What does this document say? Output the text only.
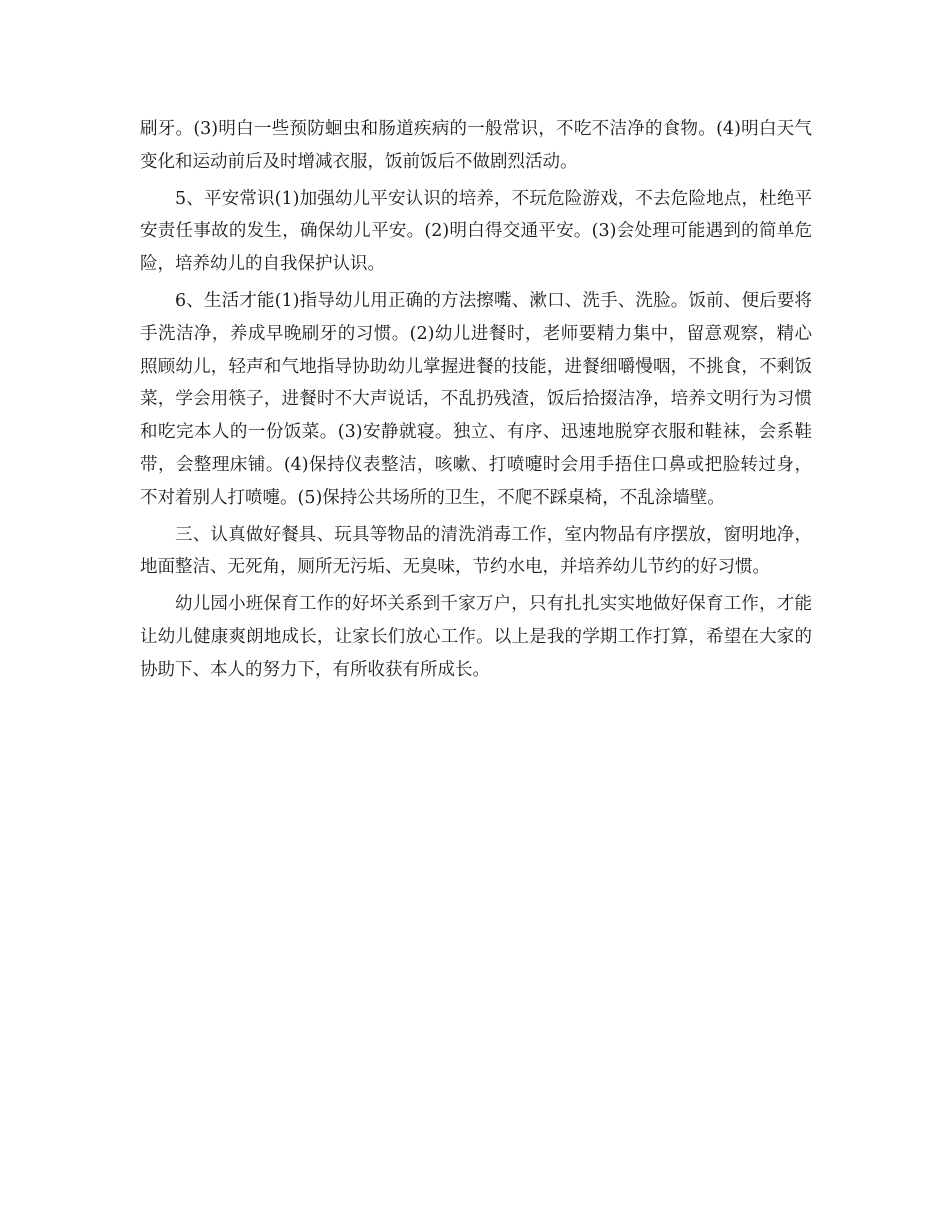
刷牙。(3)明白一些预防蛔虫和肠道疾病的一般常识，不吃不洁净的食物。(4)明白天气变化和运动前后及时增减衣服，饭前饭后不做剧烈活动。

5、平安常识(1)加强幼儿平安认识的培养，不玩危险游戏，不去危险地点，杜绝平安责任事故的发生，确保幼儿平安。(2)明白得交通平安。(3)会处理可能遇到的简单危险，培养幼儿的自我保护认识。

6、生活才能(1)指导幼儿用正确的方法擦嘴、漱口、洗手、洗脸。饭前、便后要将手洗洁净，养成早晚刷牙的习惯。(2)幼儿进餐时，老师要精力集中，留意观察，精心照顾幼儿，轻声和气地指导协助幼儿掌握进餐的技能，进餐细嚼慢咽，不挑食，不剩饭菜，学会用筷子，进餐时不大声说话，不乱扔残渣，饭后拾掇洁净，培养文明行为习惯和吃完本人的一份饭菜。(3)安静就寝。独立、有序、迅速地脱穿衣服和鞋袜，会系鞋带，会整理床铺。(4)保持仪表整洁，咳嗽、打喷嚏时会用手捂住口鼻或把脸转过身，不对着别人打喷嚏。(5)保持公共场所的卫生，不爬不踩桌椅，不乱涂墙壁。

三、认真做好餐具、玩具等物品的清洗消毒工作，室内物品有序摆放，窗明地净，地面整洁、无死角，厕所无污垢、无臭味，节约水电，并培养幼儿节约的好习惯。

幼儿园小班保育工作的好坏关系到千家万户，只有扎扎实实地做好保育工作，才能让幼儿健康爽朗地成长，让家长们放心工作。以上是我的学期工作打算，希望在大家的协助下、本人的努力下，有所收获有所成长。
